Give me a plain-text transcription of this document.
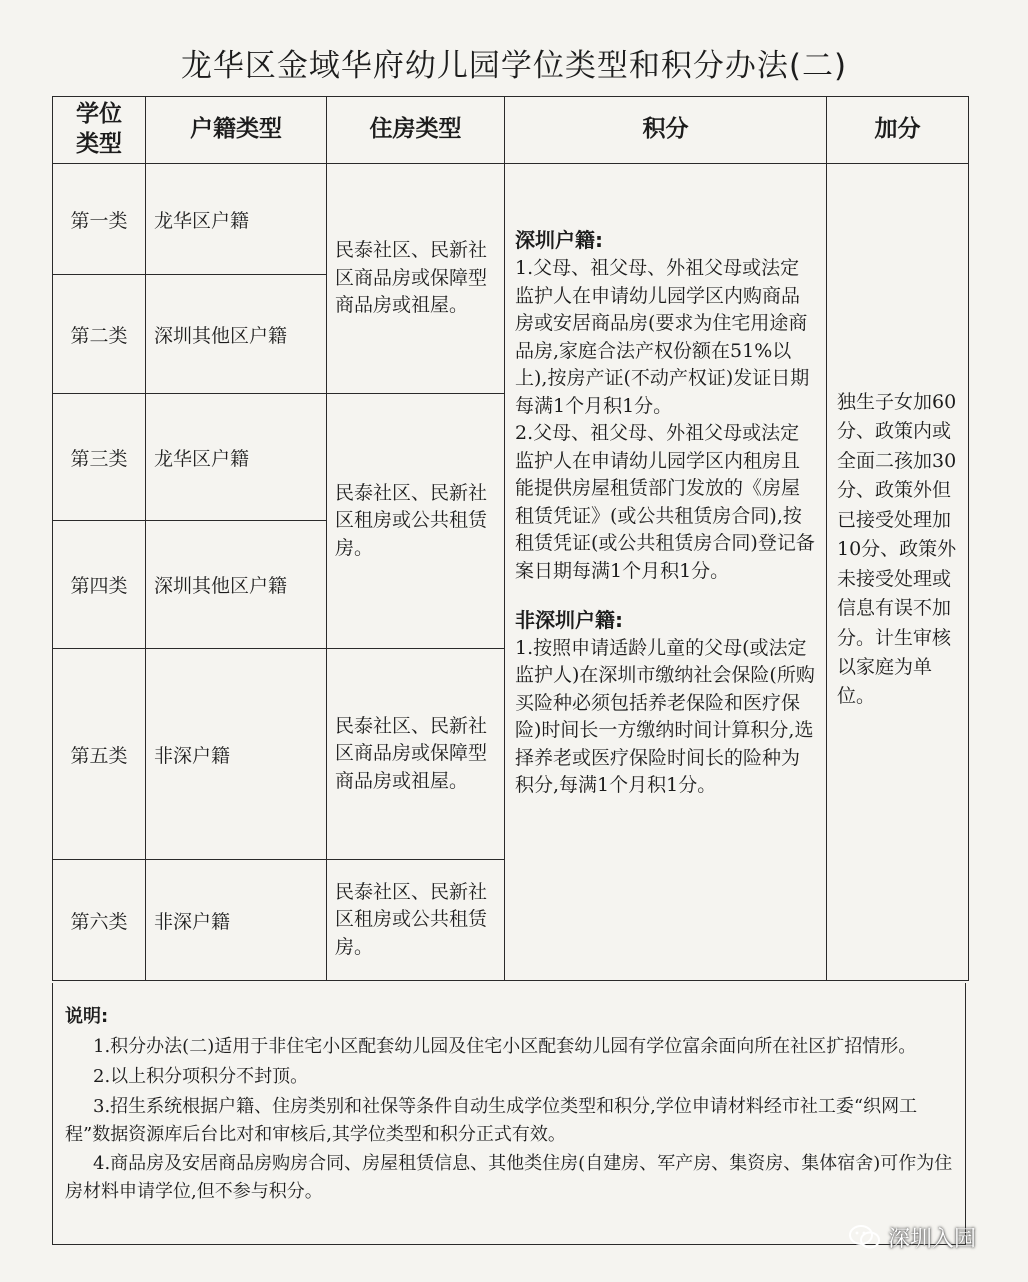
龙华区金域华府幼儿园学位类型和积分办法(二)
学位
类型	户籍类型	住房类型	积分	加分
第一类	龙华区户籍	民泰社区、民新社区商品房或保障型商品房或祖屋。	深圳户籍:

1.父母、祖父母、外祖父母或法定监护人在申请幼儿园学区内购商品房或安居商品房(要求为住宅用途商品房,家庭合法产权份额在51%以上),按房产证(不动产权证)发证日期每满1个月积1分。

2.父母、祖父母、外祖父母或法定监护人在申请幼儿园学区内租房且能提供房屋租赁部门发放的《房屋租赁凭证》(或公共租赁房合同),按租赁凭证(或公共租赁房合同)登记备案日期每满1个月积1分。

非深圳户籍:

1.按照申请适龄儿童的父母(或法定监护人)在深圳市缴纳社会保险(所购买险种必须包括养老保险和医疗保险)时间长一方缴纳时间计算积分,选择养老或医疗保险时间长的险种为积分,每满1个月积1分。	独生子女加60分、政策内或全面二孩加30分、政策外但已接受处理加10分、政策外未接受处理或信息有误不加分。计生审核以家庭为单位。

第二类	深圳其他区户籍			
第三类	龙华区户籍	民泰社区、民新社区租房或公共租赁房。		
第四类	深圳其他区户籍			
第五类	非深户籍	民泰社区、民新社区商品房或保障型商品房或祖屋。		
第六类	非深户籍	民泰社区、民新社区租房或公共租赁房。		
说明:

1.积分办法(二)适用于非住宅小区配套幼儿园及住宅小区配套幼儿园有学位富余面向所在社区扩招情形。

2.以上积分项积分不封顶。

3.招生系统根据户籍、住房类别和社保等条件自动生成学位类型和积分,学位申请材料经市社工委“织网工程”数据资源库后台比对和审核后,其学位类型和积分正式有效。

4.商品房及安居商品房购房合同、房屋租赁信息、其他类住房(自建房、军产房、集资房、集体宿舍)可作为住房材料申请学位,但不参与积分。

深圳入园
